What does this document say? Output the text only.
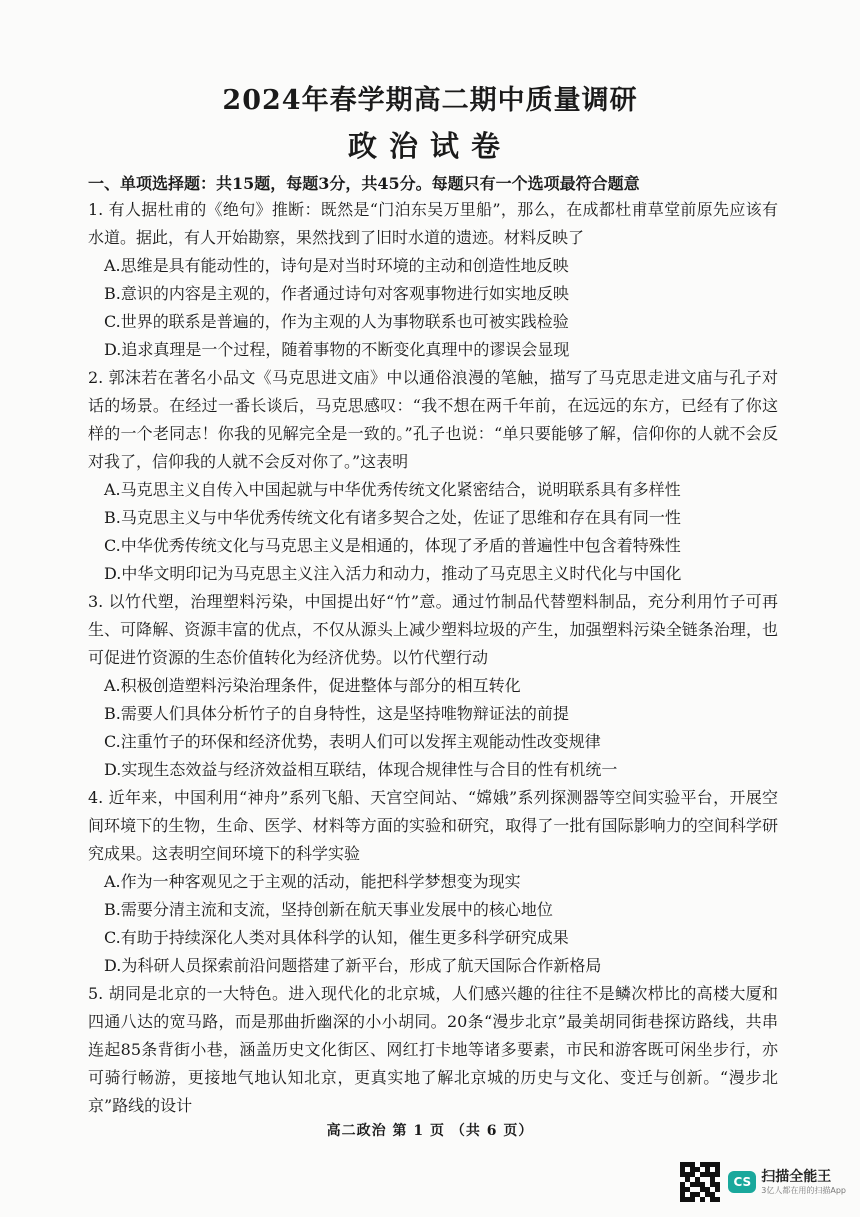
2024年春学期高二期中质量调研
政治试卷
一、单项选择题：共15题，每题3分，共45分。每题只有一个选项最符合题意

1. 有人据杜甫的《绝句》推断：既然是“门泊东吴万里船”，那么，在成都杜甫草堂前原先应该有水道。据此，有人开始勘察，果然找到了旧时水道的遗迹。材料反映了

A.思维是具有能动性的，诗句是对当时环境的主动和创造性地反映

B.意识的内容是主观的，作者通过诗句对客观事物进行如实地反映

C.世界的联系是普遍的，作为主观的人为事物联系也可被实践检验

D.追求真理是一个过程，随着事物的不断变化真理中的谬误会显现

2. 郭沫若在著名小品文《马克思进文庙》中以通俗浪漫的笔触，描写了马克思走进文庙与孔子对话的场景。在经过一番长谈后，马克思感叹：“我不想在两千年前，在远远的东方，已经有了你这样的一个老同志！你我的见解完全是一致的。”孔子也说：“单只要能够了解，信仰你的人就不会反对我了，信仰我的人就不会反对你了。”这表明

A.马克思主义自传入中国起就与中华优秀传统文化紧密结合，说明联系具有多样性

B.马克思主义与中华优秀传统文化有诸多契合之处，佐证了思维和存在具有同一性

C.中华优秀传统文化与马克思主义是相通的，体现了矛盾的普遍性中包含着特殊性

D.中华文明印记为马克思主义注入活力和动力，推动了马克思主义时代化与中国化

3. 以竹代塑，治理塑料污染，中国提出好“竹”意。通过竹制品代替塑料制品，充分利用竹子可再生、可降解、资源丰富的优点，不仅从源头上减少塑料垃圾的产生，加强塑料污染全链条治理，也可促进竹资源的生态价值转化为经济优势。以竹代塑行动

A.积极创造塑料污染治理条件，促进整体与部分的相互转化

B.需要人们具体分析竹子的自身特性，这是坚持唯物辩证法的前提

C.注重竹子的环保和经济优势，表明人们可以发挥主观能动性改变规律

D.实现生态效益与经济效益相互联结，体现合规律性与合目的性有机统一

4. 近年来，中国利用“神舟”系列飞船、天宫空间站、“嫦娥”系列探测器等空间实验平台，开展空间环境下的生物，生命、医学、材料等方面的实验和研究，取得了一批有国际影响力的空间科学研究成果。这表明空间环境下的科学实验

A.作为一种客观见之于主观的活动，能把科学梦想变为现实

B.需要分清主流和支流，坚持创新在航天事业发展中的核心地位

C.有助于持续深化人类对具体科学的认知，催生更多科学研究成果

D.为科研人员探索前沿问题搭建了新平台，形成了航天国际合作新格局

5. 胡同是北京的一大特色。进入现代化的北京城，人们感兴趣的往往不是鳞次栉比的高楼大厦和四通八达的宽马路，而是那曲折幽深的小小胡同。20条“漫步北京”最美胡同街巷探访路线，共串连起85条背街小巷，涵盖历史文化街区、网红打卡地等诸多要素，市民和游客既可闲坐步行，亦可骑行畅游，更接地气地认知北京，更真实地了解北京城的历史与文化、变迁与创新。“漫步北京”路线的设计

高二政治 第 1 页 （共 6 页）
CS 扫描全能王
3亿人都在用的扫描App
